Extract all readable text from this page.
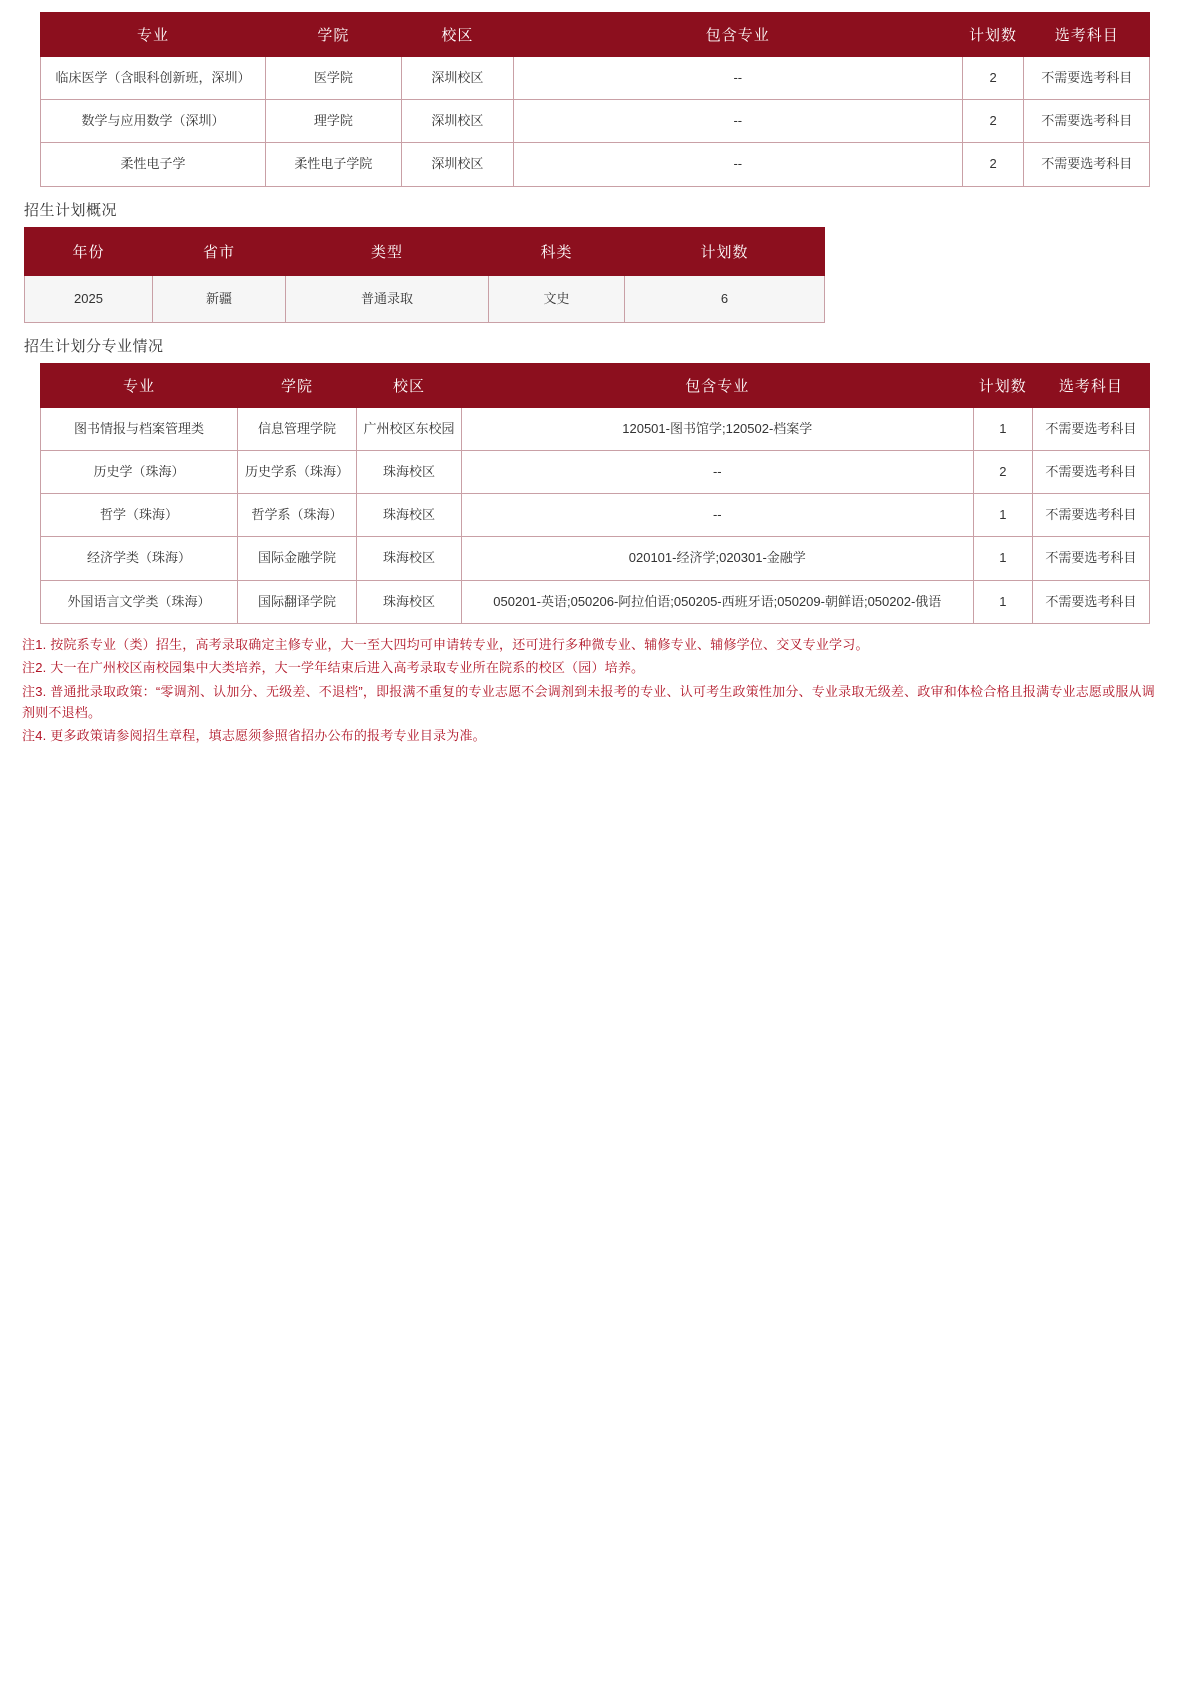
专业	学院	校区	包含专业	计划数	选考科目
临床医学（含眼科创新班，深圳）	医学院	深圳校区	--	2	不需要选考科目
数学与应用数学（深圳）	理学院	深圳校区	--	2	不需要选考科目
柔性电子学	柔性电子学院	深圳校区	--	2	不需要选考科目
招生计划概况
年份	省市	类型	科类	计划数
2025	新疆	普通录取	文史	6
招生计划分专业情况
专业	学院	校区	包含专业	计划数	选考科目
图书情报与档案管理类	信息管理学院	广州校区东校园	120501-图书馆学;120502-档案学	1	不需要选考科目
历史学（珠海）	历史学系（珠海）	珠海校区	--	2	不需要选考科目
哲学（珠海）	哲学系（珠海）	珠海校区	--	1	不需要选考科目
经济学类（珠海）	国际金融学院	珠海校区	020101-经济学;020301-金融学	1	不需要选考科目
外国语言文学类（珠海）	国际翻译学院	珠海校区	050201-英语;050206-阿拉伯语;050205-西班牙语;050209-朝鲜语;050202-俄语	1	不需要选考科目
注1. 按院系专业（类）招生，高考录取确定主修专业，大一至大四均可申请转专业，还可进行多种微专业、辅修专业、辅修学位、交叉专业学习。
注2. 大一在广州校区南校园集中大类培养，大一学年结束后进入高考录取专业所在院系的校区（园）培养。
注3. 普通批录取政策：“零调剂、认加分、无级差、不退档”，即报满不重复的专业志愿不会调剂到未报考的专业、认可考生政策性加分、专业录取无级差、政审和体检合格且报满专业志愿或服从调剂则不退档。
注4. 更多政策请参阅招生章程，填志愿须参照省招办公布的报考专业目录为准。
